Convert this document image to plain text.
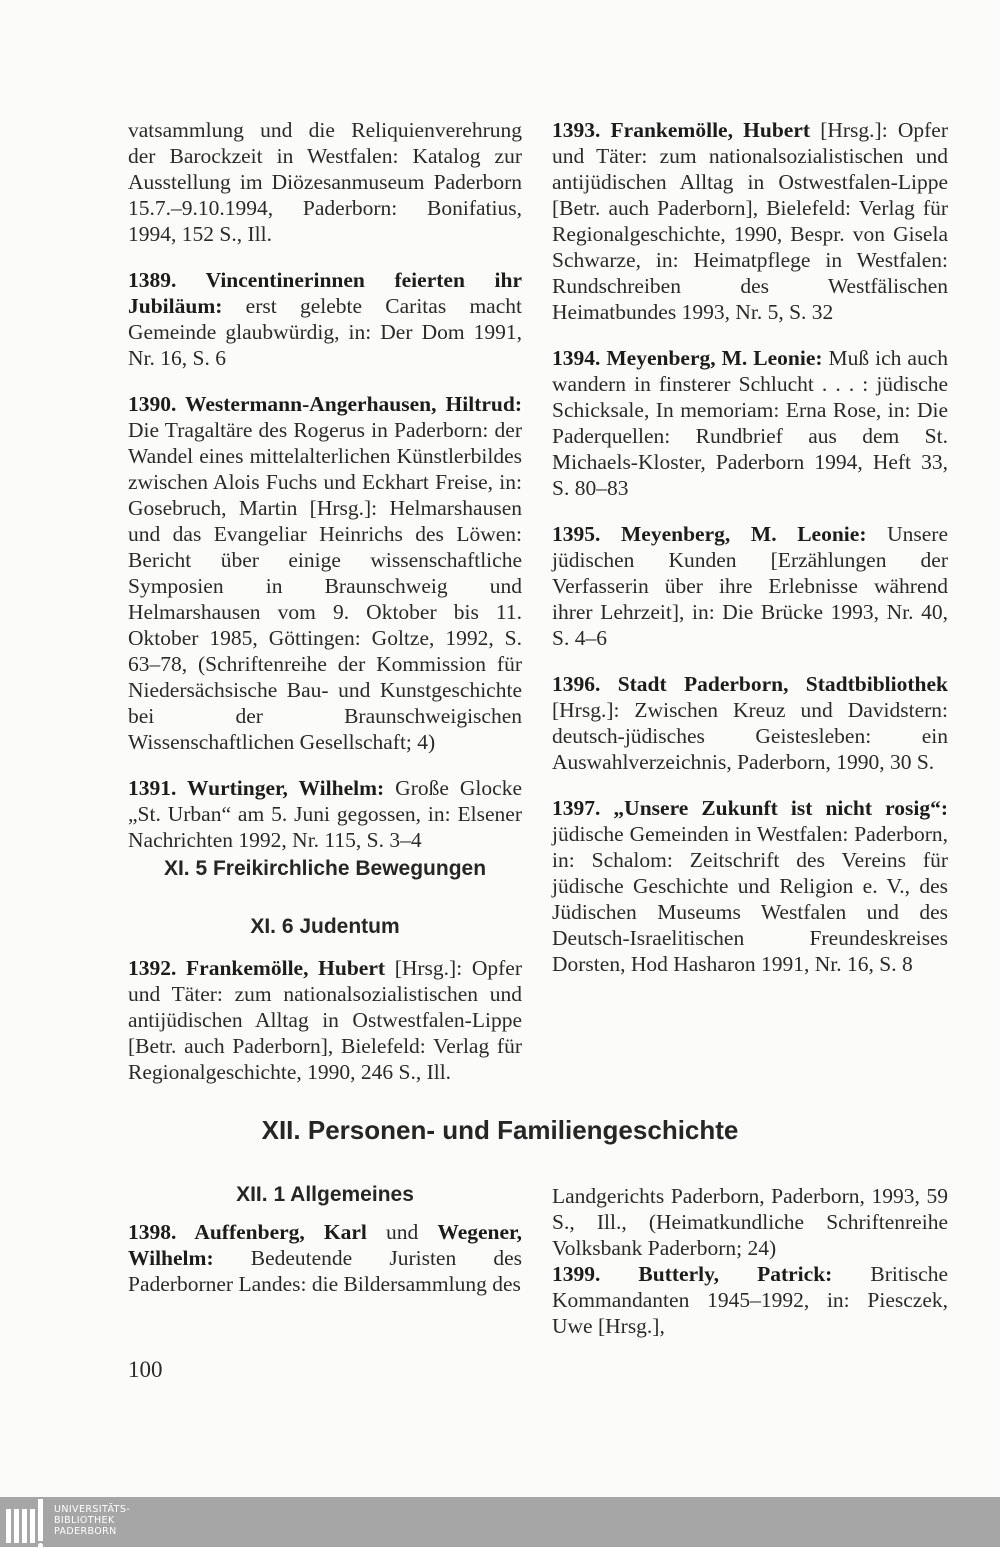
vatsammlung und die Reliquienverehrung der Barockzeit in Westfalen: Katalog zur Ausstellung im Diözesanmuseum Paderborn 15.7.–9.10.1994, Paderborn: Bonifatius, 1994, 152 S., Ill.

1389. Vincentinerinnen feierten ihr Jubiläum: erst gelebte Caritas macht Gemeinde glaubwürdig, in: Der Dom 1991, Nr. 16, S. 6

1390. Westermann-Angerhausen, Hiltrud: Die Tragaltäre des Rogerus in Paderborn: der Wandel eines mittelalterlichen Künstlerbildes zwischen Alois Fuchs und Eckhart Freise, in: Gosebruch, Martin [Hrsg.]: Helmarshausen und das Evangeliar Heinrichs des Löwen: Bericht über einige wissenschaftliche Symposien in Braunschweig und Helmarshausen vom 9. Oktober bis 11. Oktober 1985, Göttingen: Goltze, 1992, S. 63–78, (Schriftenreihe der Kommission für Niedersächsische Bau- und Kunstgeschichte bei der Braunschweigischen Wissenschaftlichen Gesellschaft; 4)

1391. Wurtinger, Wilhelm: Große Glocke „St. Urban“ am 5. Juni gegossen, in: Elsener Nachrichten 1992, Nr. 115, S. 3–4

XI. 5 Freikirchliche Bewegungen
XI. 6 Judentum

1392. Frankemölle, Hubert [Hrsg.]: Opfer und Täter: zum nationalsozialistischen und antijüdischen Alltag in Ostwestfalen-Lippe [Betr. auch Paderborn], Bielefeld: Verlag für Regionalgeschichte, 1990, 246 S., Ill.

1393. Frankemölle, Hubert [Hrsg.]: Opfer und Täter: zum nationalsozialistischen und antijüdischen Alltag in Ostwestfalen-Lippe [Betr. auch Paderborn], Bielefeld: Verlag für Regionalgeschichte, 1990, Bespr. von Gisela Schwarze, in: Heimatpflege in Westfalen: Rundschreiben des Westfälischen Heimatbundes 1993, Nr. 5, S. 32

1394. Meyenberg, M. Leonie: Muß ich auch wandern in finsterer Schlucht . . . : jüdische Schicksale, In memoriam: Erna Rose, in: Die Paderquellen: Rundbrief aus dem St. Michaels-Kloster, Paderborn 1994, Heft 33, S. 80–83

1395. Meyenberg, M. Leonie: Unsere jüdischen Kunden [Erzählungen der Verfasserin über ihre Erlebnisse während ihrer Lehrzeit], in: Die Brücke 1993, Nr. 40, S. 4–6

1396. Stadt Paderborn, Stadtbibliothek [Hrsg.]: Zwischen Kreuz und Davidstern: deutsch-jüdisches Geistesleben: ein Auswahlverzeichnis, Paderborn, 1990, 30 S.

1397. „Unsere Zukunft ist nicht rosig“: jüdische Gemeinden in Westfalen: Paderborn, in: Schalom: Zeitschrift des Vereins für jüdische Geschichte und Religion e. V., des Jüdischen Museums Westfalen und des Deutsch-Israelitischen Freundeskreises Dorsten, Hod Hasharon 1991, Nr. 16, S. 8

XII. Personen- und Familiengeschichte
XII. 1 Allgemeines

1398. Auffenberg, Karl und Wegener, Wilhelm: Bedeutende Juristen des Paderborner Landes: die Bildersammlung des

Landgerichts Paderborn, Paderborn, 1993, 59 S., Ill., (Heimatkundliche Schriftenreihe Volksbank Paderborn; 24)

1399. Butterly, Patrick: Britische Kommandanten 1945–1992, in: Piesczek, Uwe [Hrsg.],

100
UNIVERSITÄTS-
BIBLIOTHEK
PADERBORN
